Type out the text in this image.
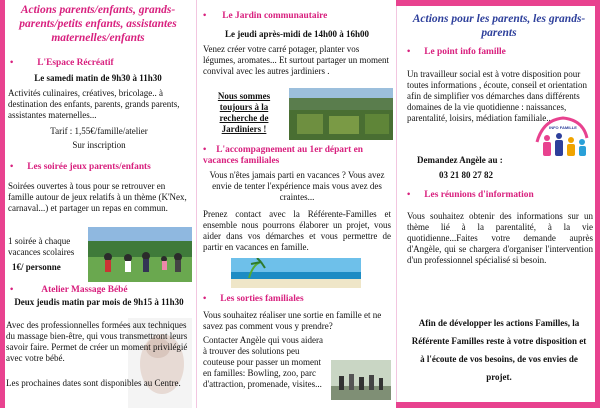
Actions parents/enfants, grands-parents/petits enfants, assistantes maternelles/enfants
•	L'Espace Récréatif
Le samedi matin de 9h30 à 11h30
Activités culinaires, créatives, bricolage.. à destination des enfants, parents, grands parents, assistantes maternelles...
Tarif : 1,55€/famille/atelier
Sur inscription
• Les soirée jeux parents/enfants
Soirées ouvertes à tous pour se retrouver en famille autour de jeux relatifs à un thème (K'Nex, carnaval...) et partager un repas en commun.
1 soirée à chaque vacances scolaires
1€/ personne
•	Atelier Massage Bébé
Deux jeudis matin par mois de 9h15 à 11h30
Avec des professionnelles formées aux techniques du massage bien-être, qui vous transmettront leurs savoir faire. Permet de créer un moment privilégié avec votre bébé.
Les prochaines dates sont disponibles au Centre.
• Le Jardin communautaire
Le jeudi après-midi de 14h00 à 16h00
Venez créer votre carré potager, planter vos légumes, aromates... Et surtout partager un moment convival avec les autres jardiniers .
Nous sommes toujours à la recherche de Jardiniers !
• L'accompagnement au 1er départ en vacances familiales
Vous n'êtes jamais parti en vacances ? Vous avez envie de tenter l'expérience mais vous avez des craintes...
Prenez contact avec la Référente-Familles et ensemble nous pourrons élaborer un projet, vous aider dans vos démarches et vous permettre de partir en vacances en famille.
• Les sorties familiales
Vous souhaitez réaliser une sortie en famille et ne savez pas comment vous y prendre?
Contacter Angèle qui vous aidera à trouver des solutions peu couteuse pour passer un moment en familles: Bowling, zoo, parc d'attraction, promenade, visites...
Actions pour les parents, les grands-parents
• Le point info famille
Un travailleur social est à votre disposition pour toutes informations , écoute, conseil et orientation afin de simplifier vos démarches dans différents domaines de la vie quotidienne : naissances, parentalité, loisirs, médiation familiale...
INFO FAMILLE
Demandez Angèle au :
03 21 80 27 82
• Les réunions d'information
Vous souhaitez obtenir des informations sur un thème lié à la parentalité, à la vie quotidienne...Faites votre demande auprès d'Angèle, qui se chargera d'organiser l'intervention d'un professionnel spécialisé si besoin.
Afin de développer les actions Familles, la Référente Familles reste à votre disposition et à l'écoute de vos besoins, de vos envies de projet.
